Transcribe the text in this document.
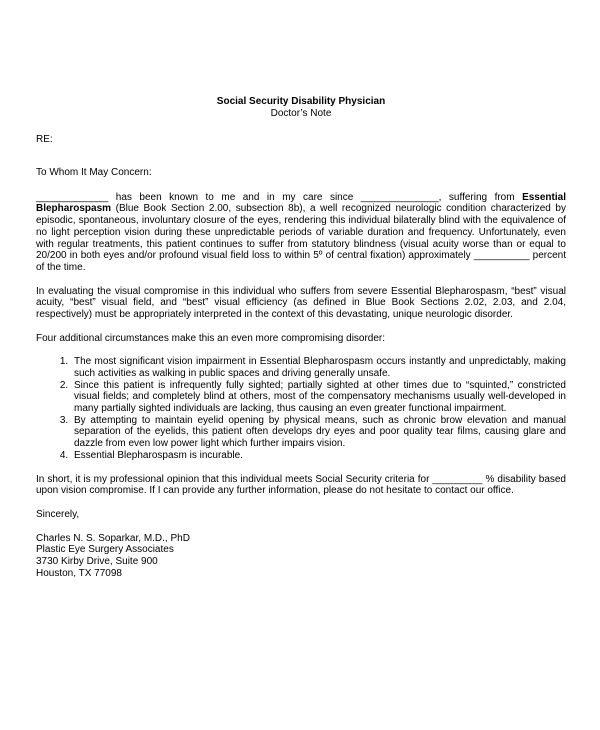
Social Security Disability Physician
Doctor’s Note
RE:
To Whom It May Concern:

_____________ has been known to me and in my care since ______________, suffering from Essential Blepharospasm (Blue Book Section 2.00, subsection 8b), a well recognized neurologic condition characterized by episodic, spontaneous, involuntary closure of the eyes, rendering this individual bilaterally blind with the equivalence of no light perception vision during these unpredictable periods of variable duration and frequency. Unfortunately, even with regular treatments, this patient continues to suffer from statutory blindness (visual acuity worse than or equal to 20/200 in both eyes and/or profound visual field loss to within 5º of central fixation) approximately __________ percent of the time.

In evaluating the visual compromise in this individual who suffers from severe Essential Blepharospasm, “best” visual acuity, “best” visual field, and “best” visual efficiency (as defined in Blue Book Sections 2.02, 2.03, and 2.04, respectively) must be appropriately interpreted in the context of this devastating, unique neurologic disorder.

Four additional circumstances make this an even more compromising disorder:

1. The most significant vision impairment in Essential Blepharospasm occurs instantly and unpredictably, making such activities as walking in public spaces and driving generally unsafe.
2. Since this patient is infrequently fully sighted; partially sighted at other times due to “squinted,” constricted visual fields; and completely blind at others, most of the compensatory mechanisms usually well-developed in many partially sighted individuals are lacking, thus causing an even greater functional impairment.
3. By attempting to maintain eyelid opening by physical means, such as chronic brow elevation and manual separation of the eyelids, this patient often develops dry eyes and poor quality tear films, causing glare and dazzle from even low power light which further impairs vision.
4. Essential Blepharospasm is incurable.

In short, it is my professional opinion that this individual meets Social Security criteria for _________ % disability based upon vision compromise. If I can provide any further information, please do not hesitate to contact our office.

Sincerely,

Charles N. S. Soparkar, M.D., PhD
Plastic Eye Surgery Associates
3730 Kirby Drive, Suite 900
Houston, TX 77098
